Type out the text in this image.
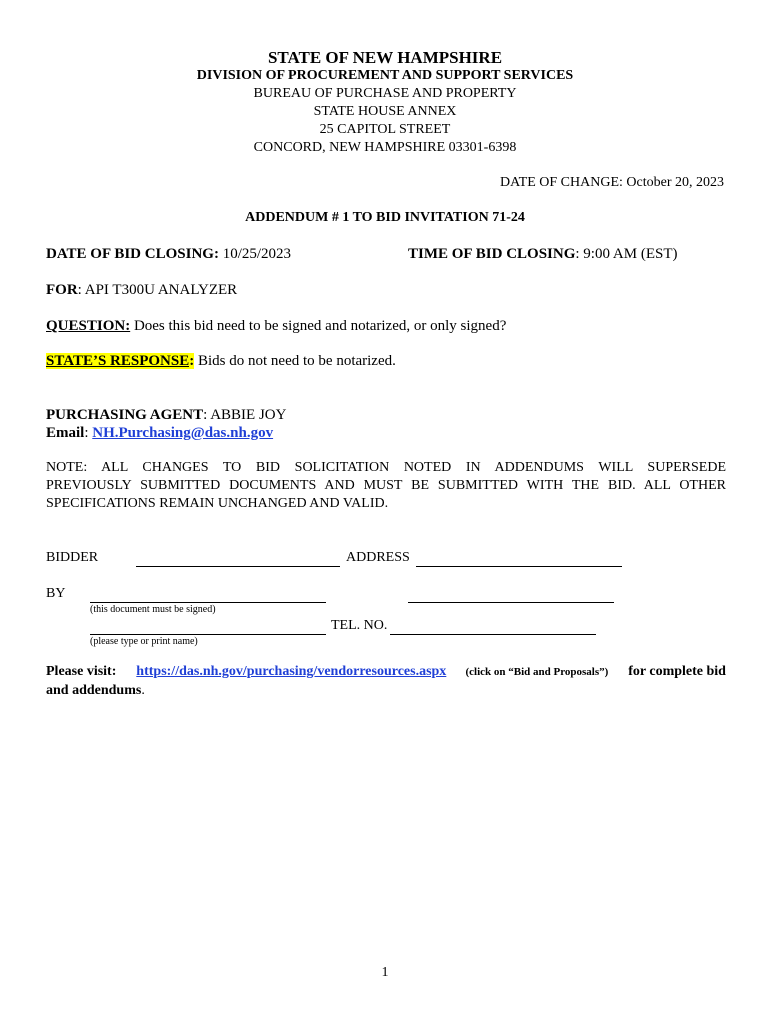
STATE OF NEW HAMPSHIRE
DIVISION OF PROCUREMENT AND SUPPORT SERVICES
BUREAU OF PURCHASE AND PROPERTY
STATE HOUSE ANNEX
25 CAPITOL STREET
CONCORD, NEW HAMPSHIRE 03301-6398
DATE OF CHANGE: October 20, 2023
ADDENDUM # 1 TO BID INVITATION 71-24
DATE OF BID CLOSING: 10/25/2023	TIME OF BID CLOSING: 9:00 AM (EST)
FOR: API T300U ANALYZER
QUESTION: Does this bid need to be signed and notarized, or only signed?
STATE’S RESPONSE: Bids do not need to be notarized.
PURCHASING AGENT: ABBIE JOY
Email: NH.Purchasing@das.nh.gov
NOTE: ALL CHANGES TO BID SOLICITATION NOTED IN ADDENDUMS WILL SUPERSEDE
PREVIOUSLY SUBMITTED DOCUMENTS AND MUST BE SUBMITTED WITH THE BID. ALL OTHER
SPECIFICATIONS REMAIN UNCHANGED AND VALID.
BIDDER	ADDRESS
BY
(this document must be signed)
TEL. NO.
(please type or print name)
Please visit: https://das.nh.gov/purchasing/vendorresources.aspx (click on “Bid and Proposals”) for complete bid
and addendums.
1
